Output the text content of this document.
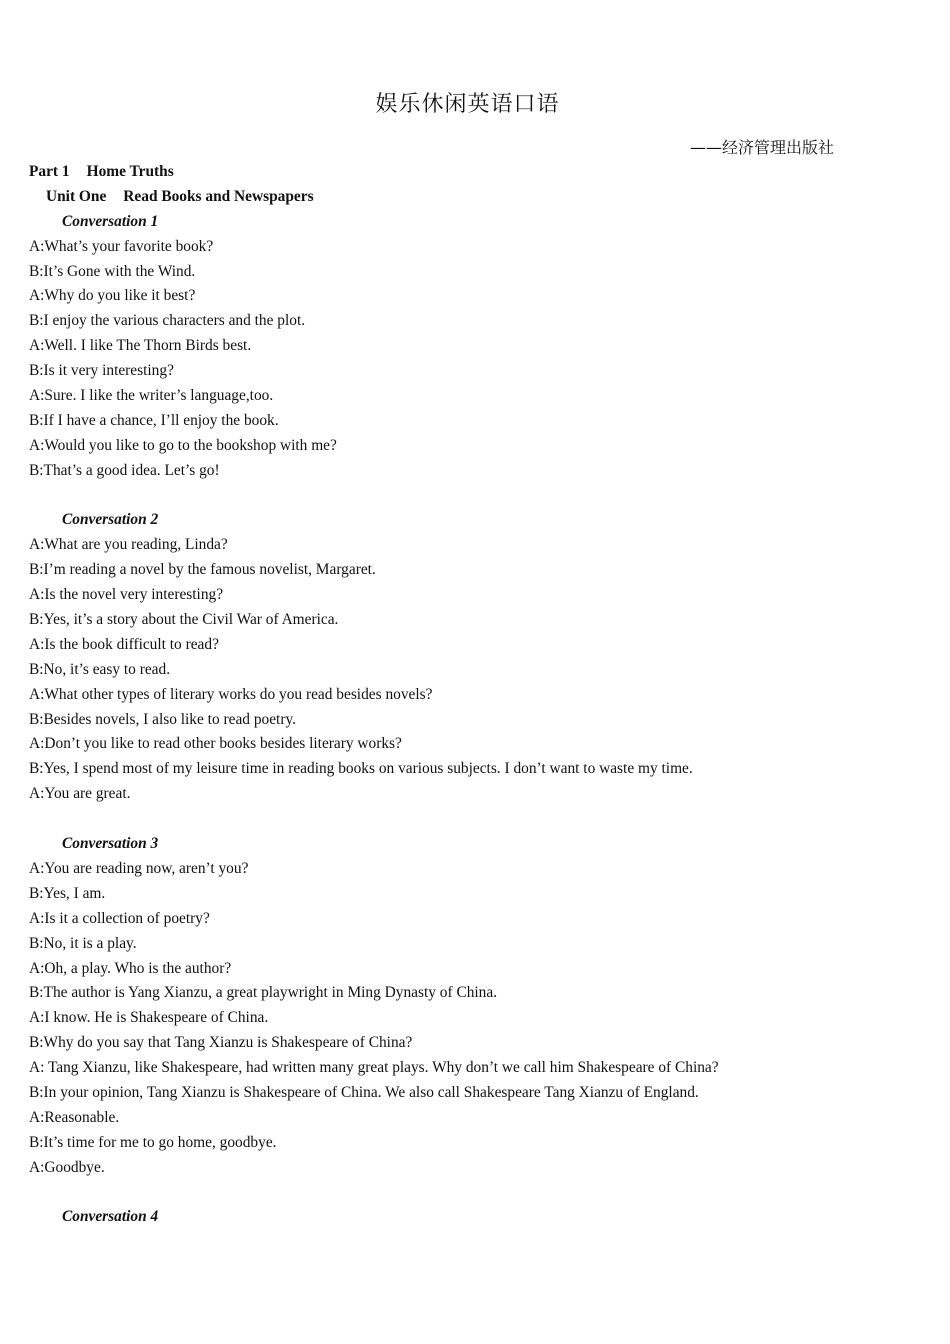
娱乐休闲英语口语
——经济管理出版社
Part 1 Home Truths
Unit One Read Books and Newspapers
Conversation 1
A:What’s your favorite book?
B:It’s Gone with the Wind.
A:Why do you like it best?
B:I enjoy the various characters and the plot.
A:Well. I like The Thorn Birds best.
B:Is it very interesting?
A:Sure. I like the writer’s language,too.
B:If I have a chance, I’ll enjoy the book.
A:Would you like to go to the bookshop with me?
B:That’s a good idea. Let’s go!
Conversation 2
A:What are you reading, Linda?
B:I’m reading a novel by the famous novelist, Margaret.
A:Is the novel very interesting?
B:Yes, it’s a story about the Civil War of America.
A:Is the book difficult to read?
B:No, it’s easy to read.
A:What other types of literary works do you read besides novels?
B:Besides novels, I also like to read poetry.
A:Don’t you like to read other books besides literary works?
B:Yes, I spend most of my leisure time in reading books on various subjects. I don’t want to waste my time.
A:You are great.
Conversation 3
A:You are reading now, aren’t you?
B:Yes, I am.
A:Is it a collection of poetry?
B:No, it is a play.
A:Oh, a play. Who is the author?
B:The author is Yang Xianzu, a great playwright in Ming Dynasty of China.
A:I know. He is Shakespeare of China.
B:Why do you say that Tang Xianzu is Shakespeare of China?
A: Tang Xianzu, like Shakespeare, had written many great plays. Why don’t we call him Shakespeare of China?
B:In your opinion, Tang Xianzu is Shakespeare of China. We also call Shakespeare Tang Xianzu of England.
A:Reasonable.
B:It’s time for me to go home, goodbye.
A:Goodbye.
Conversation 4
